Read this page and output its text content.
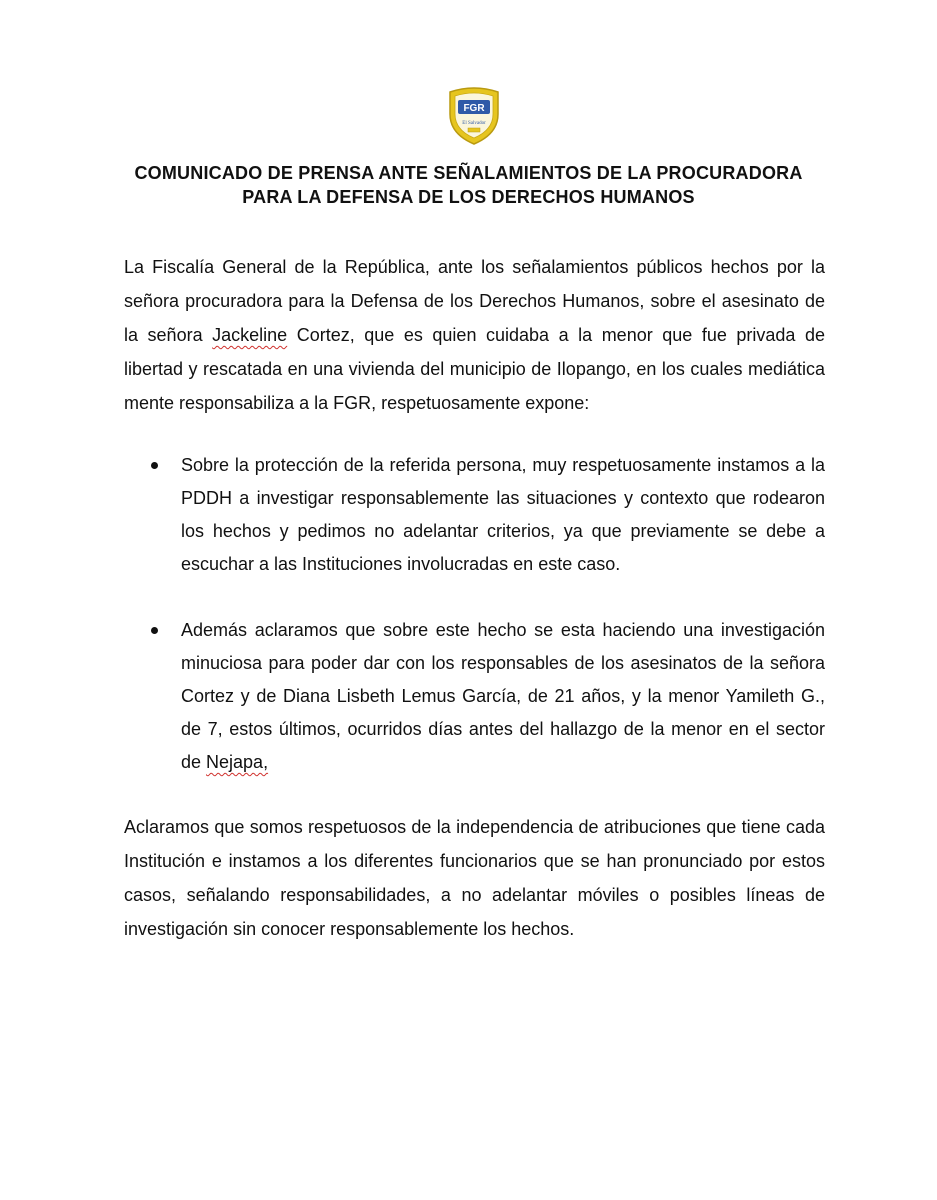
FGR
El Salvador
COMUNICADO DE PRENSA ANTE SEÑALAMIENTOS DE LA PROCURADORA
PARA LA DEFENSA DE LOS DERECHOS HUMANOS

La Fiscalía General de la República, ante los señalamientos públicos hechos por la señora procuradora para la Defensa de los Derechos Humanos, sobre el asesinato de la señora Jackeline Cortez, que es quien cuidaba a la menor que fue privada de libertad y rescatada en una vivienda del municipio de Ilopango, en los cuales mediática mente responsabiliza a la FGR, respetuosamente expone:

Sobre la protección de la referida persona, muy respetuosamente instamos a la PDDH a investigar responsablemente las situaciones y contexto que rodearon los hechos y pedimos no adelantar criterios, ya que previamente se debe a escuchar a las Instituciones involucradas en este caso.
Además aclaramos que sobre este hecho se esta haciendo una investigación minuciosa para poder dar con los responsables de los asesinatos de la señora Cortez y de Diana Lisbeth Lemus García, de 21 años, y la menor Yamileth G., de 7, estos últimos, ocurridos días antes del hallazgo de la menor en el sector de Nejapa,

Aclaramos que somos respetuosos de la independencia de atribuciones que tiene cada Institución e instamos a los diferentes funcionarios que se han pronunciado por estos casos, señalando responsabilidades, a no adelantar móviles o posibles líneas de investigación sin conocer responsablemente los hechos.
